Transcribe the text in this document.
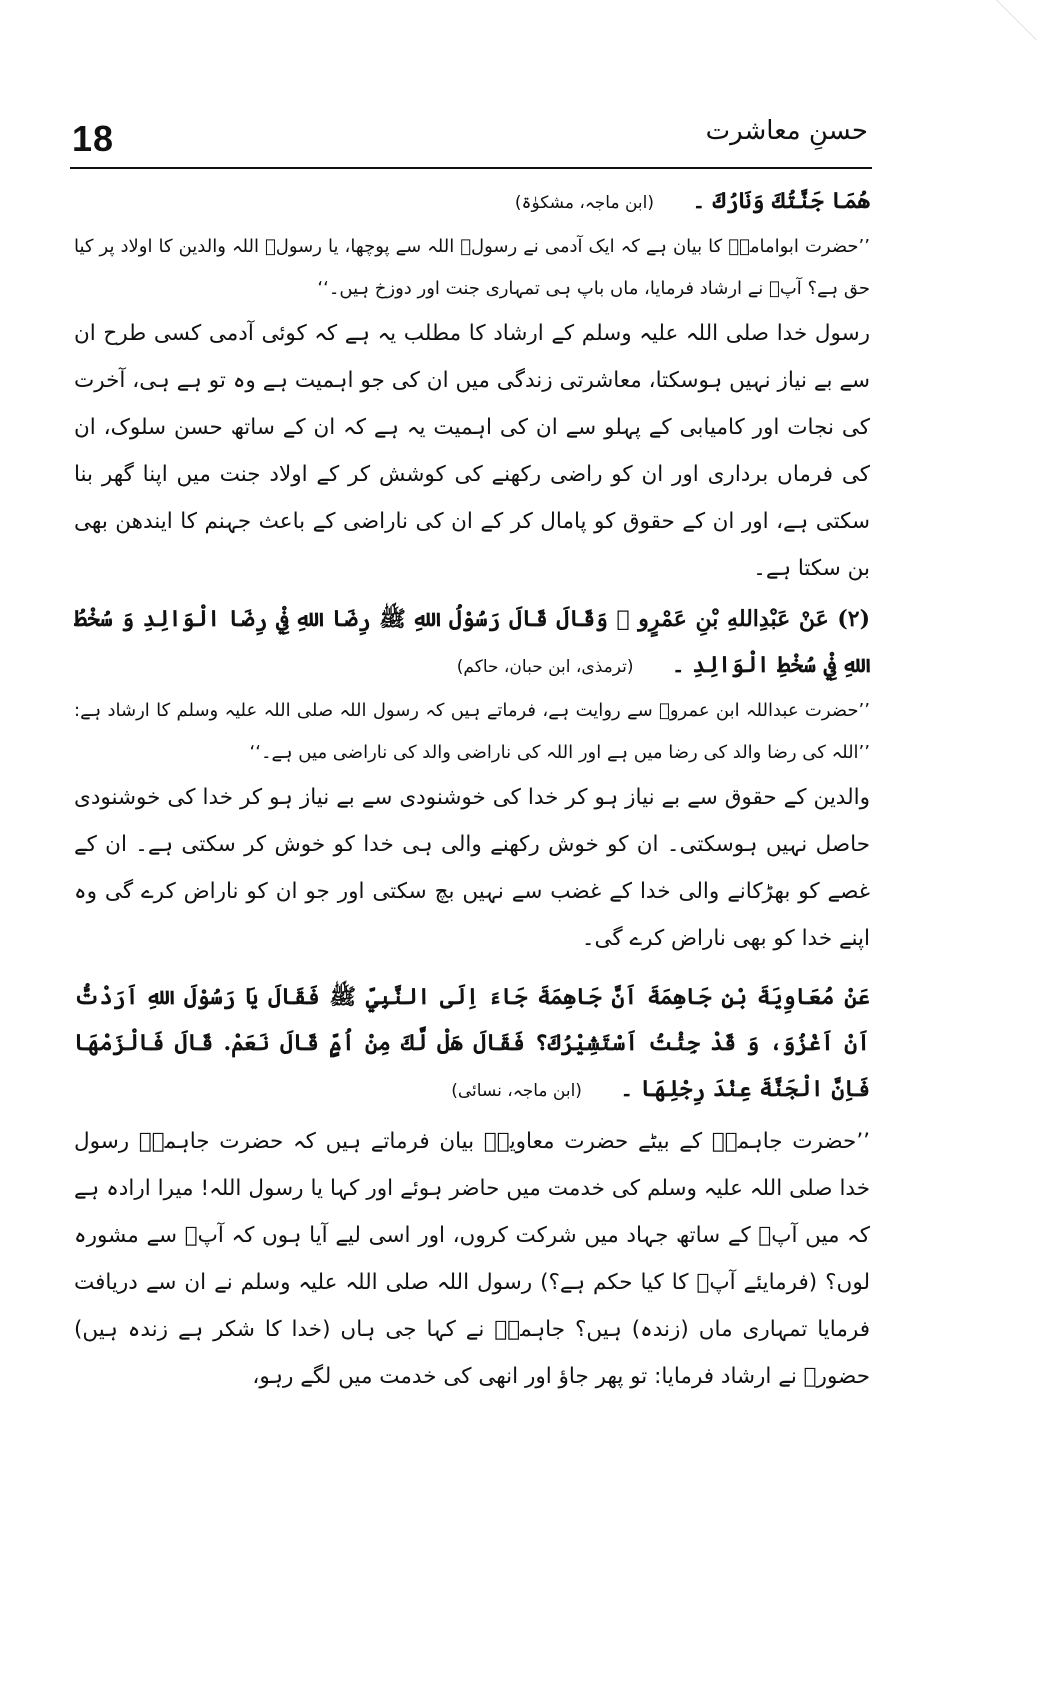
18	حسنِ معاشرت

ھُمَا جَنَّتُكَ وَنَارُكَ ۔     (ابن ماجہ، مشکوٰۃ)

’’حضرت ابوامامہؓ کا بیان ہے کہ ایک آدمی نے رسولؐ اللہ سے پوچھا، یا رسولؐ اللہ والدین کا اولاد پر کیا حق ہے؟ آپؐ نے ارشاد فرمایا، ماں باپ ہی تمہاری جنت اور دوزخ ہیں۔‘‘

رسول خدا صلی اللہ علیہ وسلم کے ارشاد کا مطلب یہ ہے کہ کوئی آدمی کسی طرح ان سے بے نیاز نہیں ہوسکتا، معاشرتی زندگی میں ان کی جو اہمیت ہے وہ تو ہے ہی، آخرت کی نجات اور کامیابی کے پہلو سے ان کی اہمیت یہ ہے کہ ان کے ساتھ حسن سلوک، ان کی فرماں برداری اور ان کو راضی رکھنے کی کوشش کر کے اولاد جنت میں اپنا گھر بنا سکتی ہے، اور ان کے حقوق کو پامال کر کے ان کی ناراضی کے باعث جہنم کا ایندھن بھی بن سکتا ہے۔

(۲) عَنْ عَبْدِاللهِ بْنِ عَمْرٍو ﷛ وَقَالَ قَالَ رَسُوْلُ اللهِ ﷺ رِضَا اللهِ فِيْ رِضَا الْوَالِدِ وَ سُخْطُ اللهِ فِيْ سُخْطِ الْوَالِدِ ۔     (ترمذی، ابن حبان، حاکم)

’’حضرت عبداللہ ابن عمروؓ سے روایت ہے، فرماتے ہیں کہ رسول اللہ صلی اللہ علیہ وسلم کا ارشاد ہے: ’’اللہ کی رضا والد کی رضا میں ہے اور اللہ کی ناراضی والد کی ناراضی میں ہے۔‘‘

والدین کے حقوق سے بے نیاز ہو کر خدا کی خوشنودی سے بے نیاز ہو کر خدا کی خوشنودی حاصل نہیں ہوسکتی۔ ان کو خوش رکھنے والی ہی خدا کو خوش کر سکتی ہے۔ ان کے غصے کو بھڑکانے والی خدا کے غضب سے نہیں بچ سکتی اور جو ان کو ناراض کرے گی وہ اپنے خدا کو بھی ناراض کرے گی۔

عَنْ مُعَاوِيَةَ بْنِ جَاهِمَةَ اَنَّ جَاهِمَةَ جَاءَ اِلَى النَّبِيِّ ﷺ فَقَالَ يَا رَسُوْلَ اللهِ اَرَدْتُّ اَنْ اَغْزُوَ، وَ قَدْ جِئْتُ اَسْتَشِيْرُكَ؟ فَقَالَ هَلْ لَّكَ مِنْ اُمٍّ قَالَ نَعَمْ. قَالَ فَالْزَمْهَا فَاِنَّ الْجَنَّةَ عِنْدَ رِجْلِهَا ۔     (ابن ماجہ، نسائی)

’’حضرت جاہمہؓ کے بیٹے حضرت معاویہؓ بیان فرماتے ہیں کہ حضرت جاہمہؓ رسول خدا صلی اللہ علیہ وسلم کی خدمت میں حاضر ہوئے اور کہا یا رسول اللہ! میرا ارادہ ہے کہ میں آپؐ کے ساتھ جہاد میں شرکت کروں، اور اسی لیے آیا ہوں کہ آپؐ سے مشورہ لوں؟ (فرمایئے آپؐ کا کیا حکم ہے؟) رسول اللہ صلی اللہ علیہ وسلم نے ان سے دریافت فرمایا تمہاری ماں (زندہ) ہیں؟ جاہمہؓ نے کہا جی ہاں (خدا کا شکر ہے زندہ ہیں) حضورؐ نے ارشاد فرمایا: تو پھر جاؤ اور انھی کی خدمت میں لگے رہو،
